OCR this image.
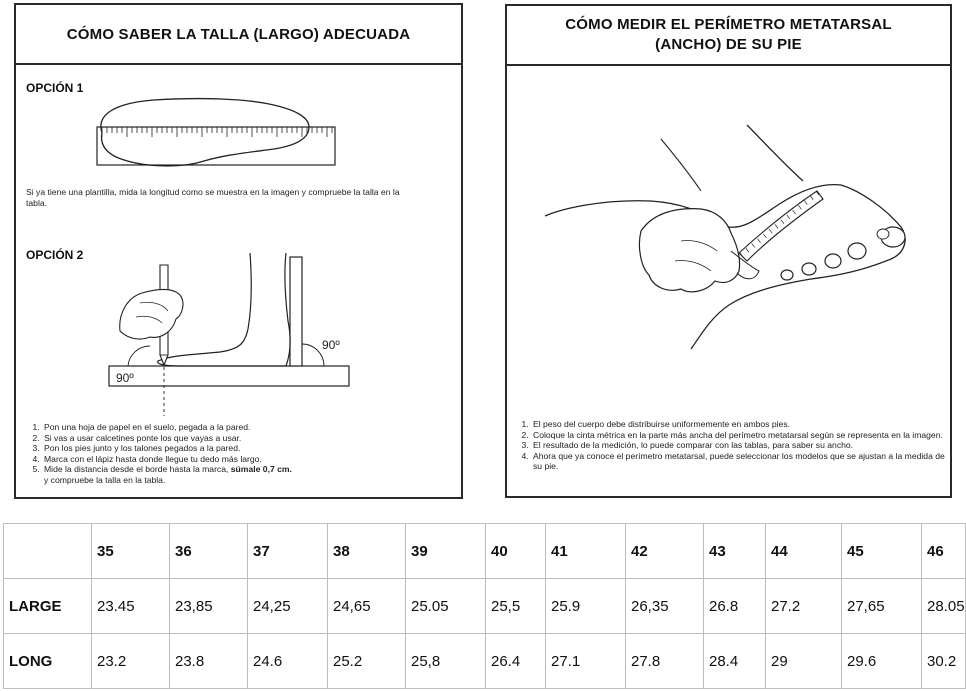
CÓMO SABER LA TALLA (LARGO) ADECUADA
OPCIÓN 1
Si ya tiene una plantilla, mida la longitud como se muestra en la imagen y compruebe la talla en la tabla.
OPCIÓN 2
90º
90º
1. Pon una hoja de papel en el suelo, pegada a la pared.
2. Si vas a usar calcetines ponte los que vayas a usar.
3. Pon los pies junto y los talones pegados a la pared.
4. Marca con el lápiz hasta donde llegue tu dedo más largo.
5. Mide la distancia desde el borde hasta la marca, súmale 0,7 cm.
y compruebe la talla en la tabla.
CÓMO MEDIR EL PERÍMETRO METATARSAL (ANCHO) DE SU PIE
1. El peso del cuerpo debe distribuirse uniformemente en ambos pies.
2. Coloque la cinta métrica en la parte más ancha del perímetro metatarsal según se representa en la imagen.
3. El resultado de la medición, lo puede comparar con las tablas, para saber su ancho.
4. Ahora que ya conoce el perímetro metatarsal, puede seleccionar los modelos que se ajustan a la medida de su pie.
	35	36	37	38	39	40	41	42	43	44	45	46
LARGE	23.45	23,85	24,25	24,65	25.05	25,5	25.9	26,35	26.8	27.2	27,65	28.05
LONG	23.2	23.8	24.6	25.2	25,8	26.4	27.1	27.8	28.4	29	29.6	30.2
